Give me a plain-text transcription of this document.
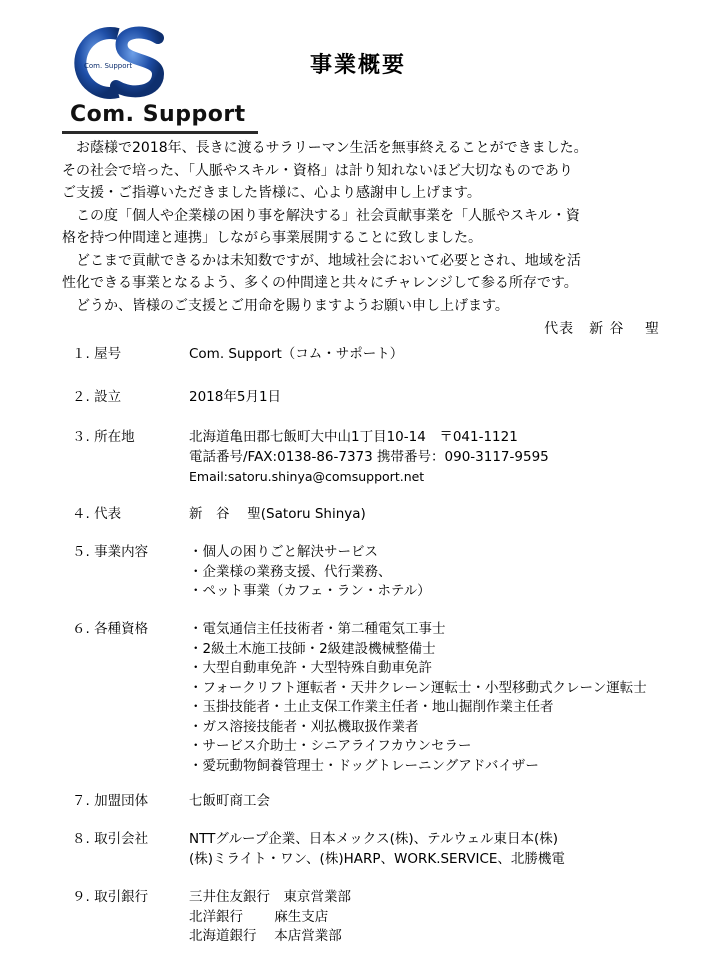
Com. Support
Com. Support
事業概要

　お蔭様で2018年、長きに渡るサラリーマン生活を無事終えることができました。

その社会で培った、「人脈やスキル・資格」は計り知れないほど大切なものであり

ご支援・ご指導いただきました皆様に、心より感謝申し上げます。

　この度「個人や企業様の困り事を解決する」社会貢献事業を「人脈やスキル・資

格を持つ仲間達と連携」しながら事業展開することに致しました。

　どこまで貢献できるかは未知数ですが、地域社会において必要とされ、地域を活

性化できる事業となるよう、多くの仲間達と共々にチャレンジして参る所存です。

　どうか、皆様のご支援とご用命を賜りますようお願い申し上げます。

代表　新 谷　 聖
１. 屋号	Com. Support（コム・サポート）
２. 設立	2018年5月1日
３. 所在地	北海道亀田郡七飯町大中山1丁目10-14　〒041-1121
電話番号/FAX:0138-86-7373 携帯番号：090-3117-9595
Email:satoru.shinya@comsupport.net
４. 代表	新　谷　 聖(Satoru Shinya)
５. 事業内容	・個人の困りごと解決サービス
・企業様の業務支援、代行業務、
・ペット事業（カフェ・ラン・ホテル）
６. 各種資格	・電気通信主任技術者・第二種電気工事士
・2級土木施工技師・2級建設機械整備士
・大型自動車免許・大型特殊自動車免許
・フォークリフト運転者・天井クレーン運転士・小型移動式クレーン運転士
・玉掛技能者・土止支保工作業主任者・地山掘削作業主任者
・ガス溶接技能者・刈払機取扱作業者
・サービス介助士・シニアライフカウンセラー
・愛玩動物飼養管理士・ドッグトレーニングアドバイザー
７. 加盟団体	七飯町商工会
８. 取引会社	NTTグループ企業、日本メックス(株)、テルウェル東日本(株)
(株)ミライト・ワン、(株)HARP、WORK.SERVICE、北勝機電
９. 取引銀行	三井住友銀行　東京営業部
北洋銀行　　 麻生支店
北海道銀行　 本店営業部
